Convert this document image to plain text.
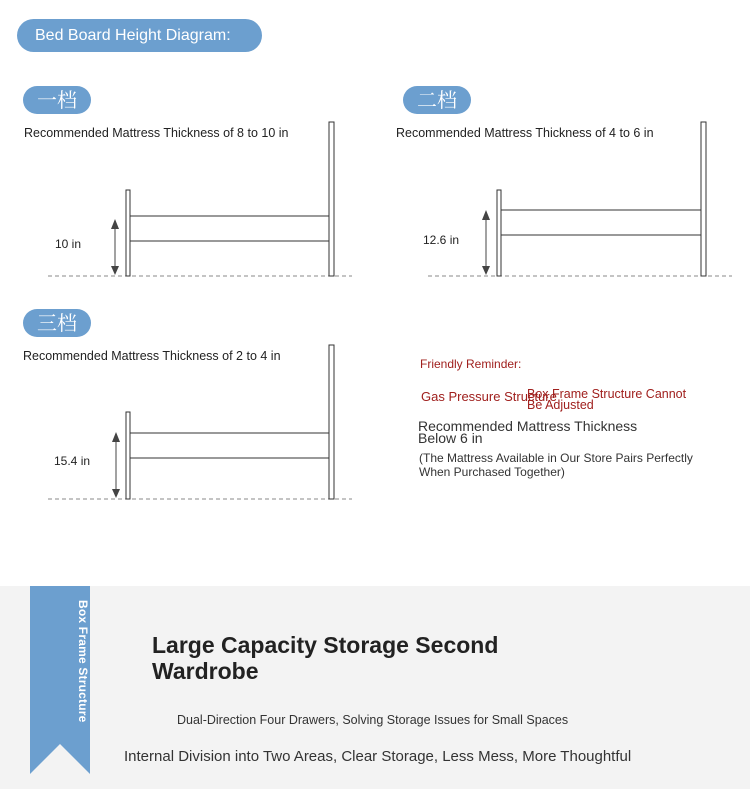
Bed Board Height Diagram:
一档
Recommended Mattress Thickness of 8 to 10 in
10 in
二档
Recommended Mattress Thickness of 4 to 6 in
12.6 in
三档
Recommended Mattress Thickness of 2 to 4 in
15.4 in
Friendly Reminder:
Gas Pressure Structure
Box Frame Structure Cannot Be Adjusted
Recommended Mattress Thickness Below 6 in
(The Mattress Available in Our Store Pairs Perfectly When Purchased Together)
Box Frame Structure	Large Capacity Storage Second Wardrobe
Dual-Direction Four Drawers, Solving Storage Issues for Small Spaces
Internal Division into Two Areas, Clear Storage, Less Mess, More Thoughtful
